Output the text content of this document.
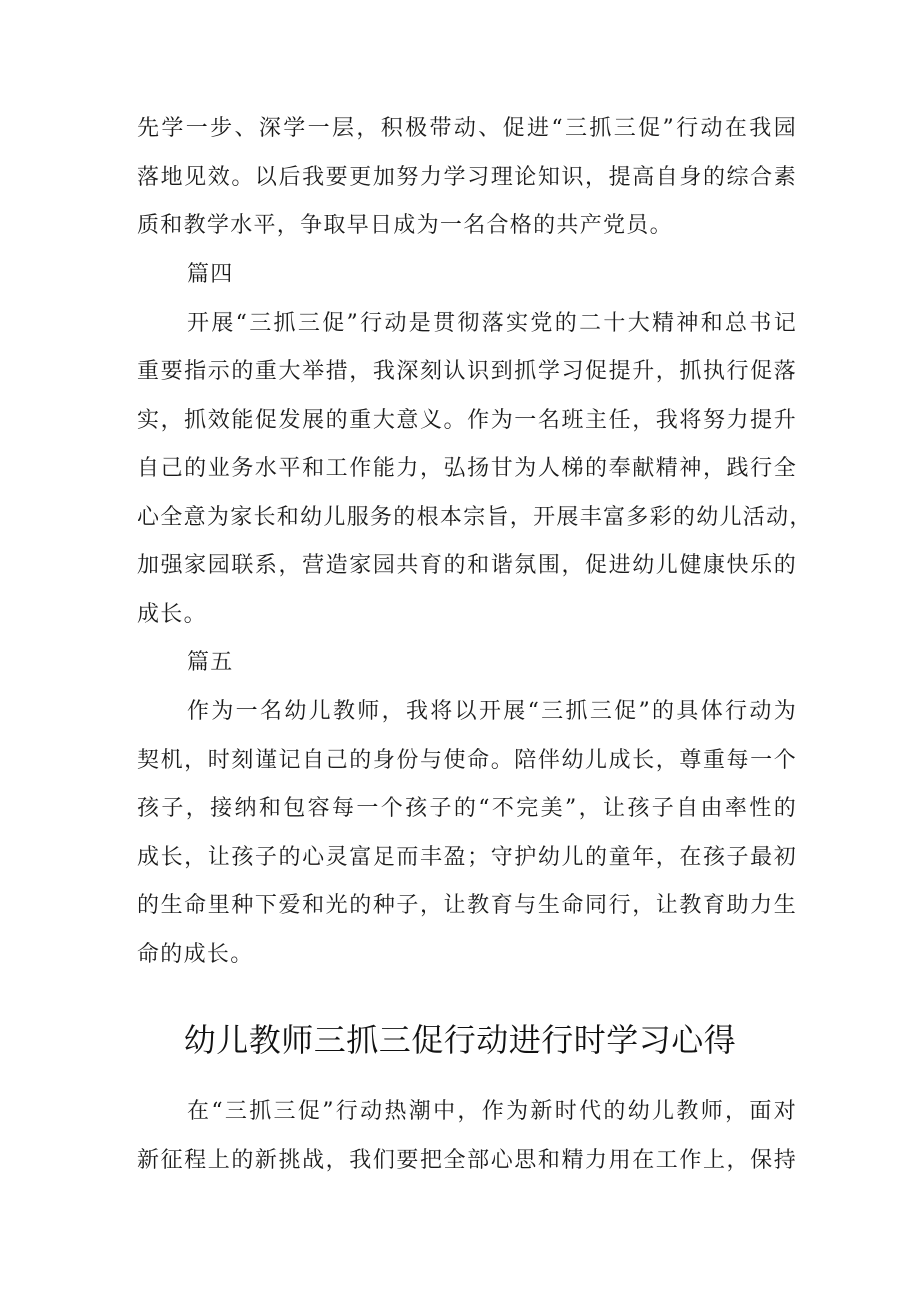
先学一步、深学一层，积极带动、促进“三抓三促”行动在我园
落地见效。以后我要更加努力学习理论知识，提高自身的综合素
质和教学水平，争取早日成为一名合格的共产党员。
篇四
开展“三抓三促”行动是贯彻落实党的二十大精神和总书记
重要指示的重大举措，我深刻认识到抓学习促提升，抓执行促落
实，抓效能促发展的重大意义。作为一名班主任，我将努力提升
自己的业务水平和工作能力，弘扬甘为人梯的奉献精神，践行全
心全意为家长和幼儿服务的根本宗旨，开展丰富多彩的幼儿活动，
加强家园联系，营造家园共育的和谐氛围，促进幼儿健康快乐的
成长。
篇五
作为一名幼儿教师，我将以开展“三抓三促”的具体行动为
契机，时刻谨记自己的身份与使命。陪伴幼儿成长，尊重每一个
孩子，接纳和包容每一个孩子的“不完美”，让孩子自由率性的
成长，让孩子的心灵富足而丰盈；守护幼儿的童年，在孩子最初
的生命里种下爱和光的种子，让教育与生命同行，让教育助力生
命的成长。
幼儿教师三抓三促行动进行时学习心得
在“三抓三促”行动热潮中，作为新时代的幼儿教师，面对
新征程上的新挑战，我们要把全部心思和精力用在工作上，保持
